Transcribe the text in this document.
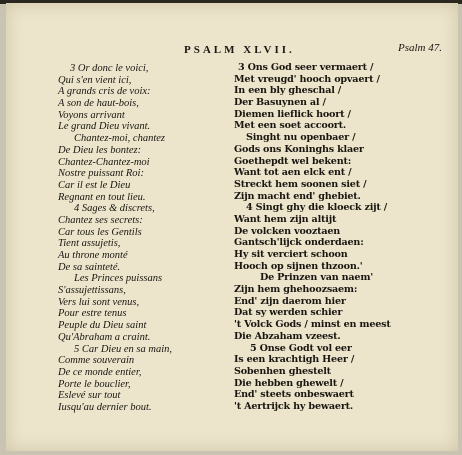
PSALM XLVII.	Psalm 47.
3 Or donc le voici,
Qui s'en vient ici,
A grands cris de voix:
A son de haut-bois,
Voyons arrivant
Le grand Dieu vivant.
Chantez-moi, chantez
De Dieu les bontez:
Chantez-Chantez-moi
Nostre puissant Roi:
Car il est le Dieu
Regnant en tout lieu.
4 Sages & discrets,
Chantez ses secrets:
Car tous les Gentils
Tient assujetis,
Au throne monté
De sa sainteté.
Les Princes puissans
S'assujettissans,
Vers lui sont venus,
Pour estre tenus
Peuple du Dieu saint
Qu'Abraham a craint.
5 Car Dieu en sa main,
Comme souverain
De ce monde entier,
Porte le bouclier,
Eslevé sur tout
Iusqu'au dernier bout.
3 Ons God seer vermaert /
Met vreugd' hooch opvaert /
In een bly gheschal /
Der Basuynen al /
Diemen lieflick hoort /
Met een soet accoort.
Singht nu openbaer /
Gods ons Koninghs klaer
Goethepdt wel bekent:
Want tot aen elck ent /
Streckt hem soonen siet /
Zijn macht end' ghebiet.
4 Singt ghy die kloeck zijt /
Want hem zijn altijt
De volcken vooztaen
Gantsch'lijck onderdaen:
Hy sit verciert schoon
Hooch op sijnen thzoon.'
De Prinzen van naem'
Zijn hem ghehoozsaem:
End' zijn daerom hier
Dat sy werden schier
't Volck Gods / minst en meest
Die Abzaham vzeest.
5 Onse Godt vol eer
Is een krachtigh Heer /
Sobenhen ghestelt
Die hebben ghewelt /
End' steets onbeswaert
't Aertrijck hy bewaert.
